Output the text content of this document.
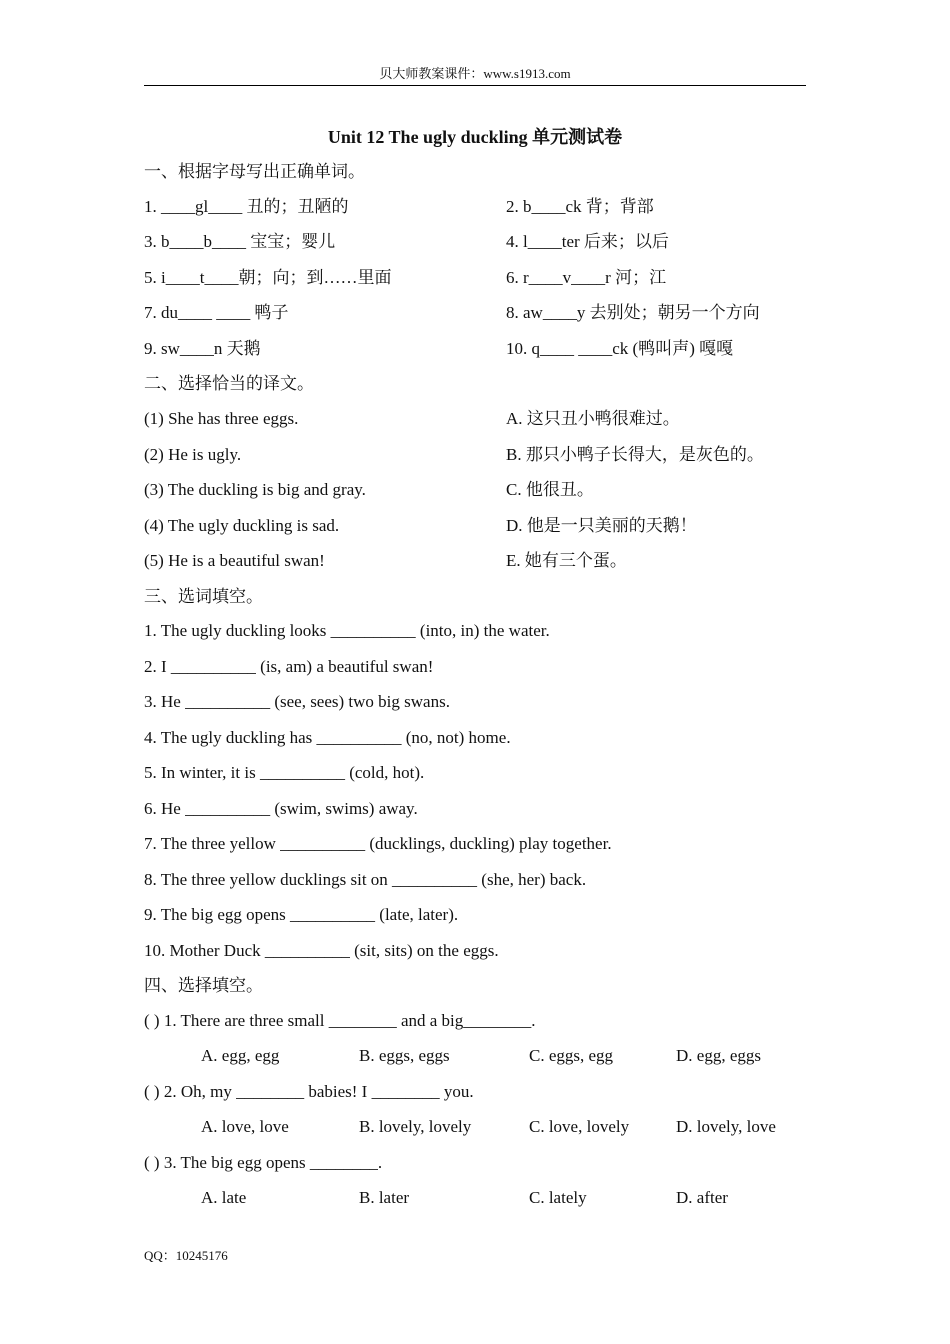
贝大师教案课件：www.s1913.com
Unit 12 The ugly duckling 单元测试卷
一、根据字母写出正确单词。
1. ____gl____ 丑的；丑陋的	2. b____ck 背；背部
3. b____b____ 宝宝；婴儿	4. l____ter 后来；以后
5. i____t____朝；向；到……里面	6. r____v____r 河；江
7. du____ ____ 鸭子	8. aw____y 去别处；朝另一个方向
9. sw____n 天鹅	10. q____ ____ck (鸭叫声) 嘎嘎
二、选择恰当的译文。
(1) She has three eggs.	A. 这只丑小鸭很难过。
(2) He is ugly.	B. 那只小鸭子长得大，是灰色的。
(3) The duckling is big and gray.	C. 他很丑。
(4) The ugly duckling is sad.	D. 他是一只美丽的天鹅！
(5) He is a beautiful swan!	E. 她有三个蛋。
三、选词填空。
1. The ugly duckling looks __________ (into, in) the water.
2. I __________ (is, am) a beautiful swan!
3. He __________ (see, sees) two big swans.
4. The ugly duckling has __________ (no, not) home.
5. In winter, it is __________ (cold, hot).
6. He __________ (swim, swims) away.
7. The three yellow __________ (ducklings, duckling) play together.
8. The three yellow ducklings sit on __________ (she, her) back.
9. The big egg opens __________ (late, later).
10. Mother Duck __________ (sit, sits) on the eggs.
四、选择填空。
( ) 1. There are three small ________ and a big________.
A. egg, egg	B. eggs, eggs	C. eggs, egg	D. egg, eggs
( ) 2. Oh, my ________ babies! I ________ you.
A. love, love	B. lovely, lovely	C. love, lovely	D. lovely, love
( ) 3. The big egg opens ________.
A. late	B. later	C. lately	D. after
QQ：10245176
